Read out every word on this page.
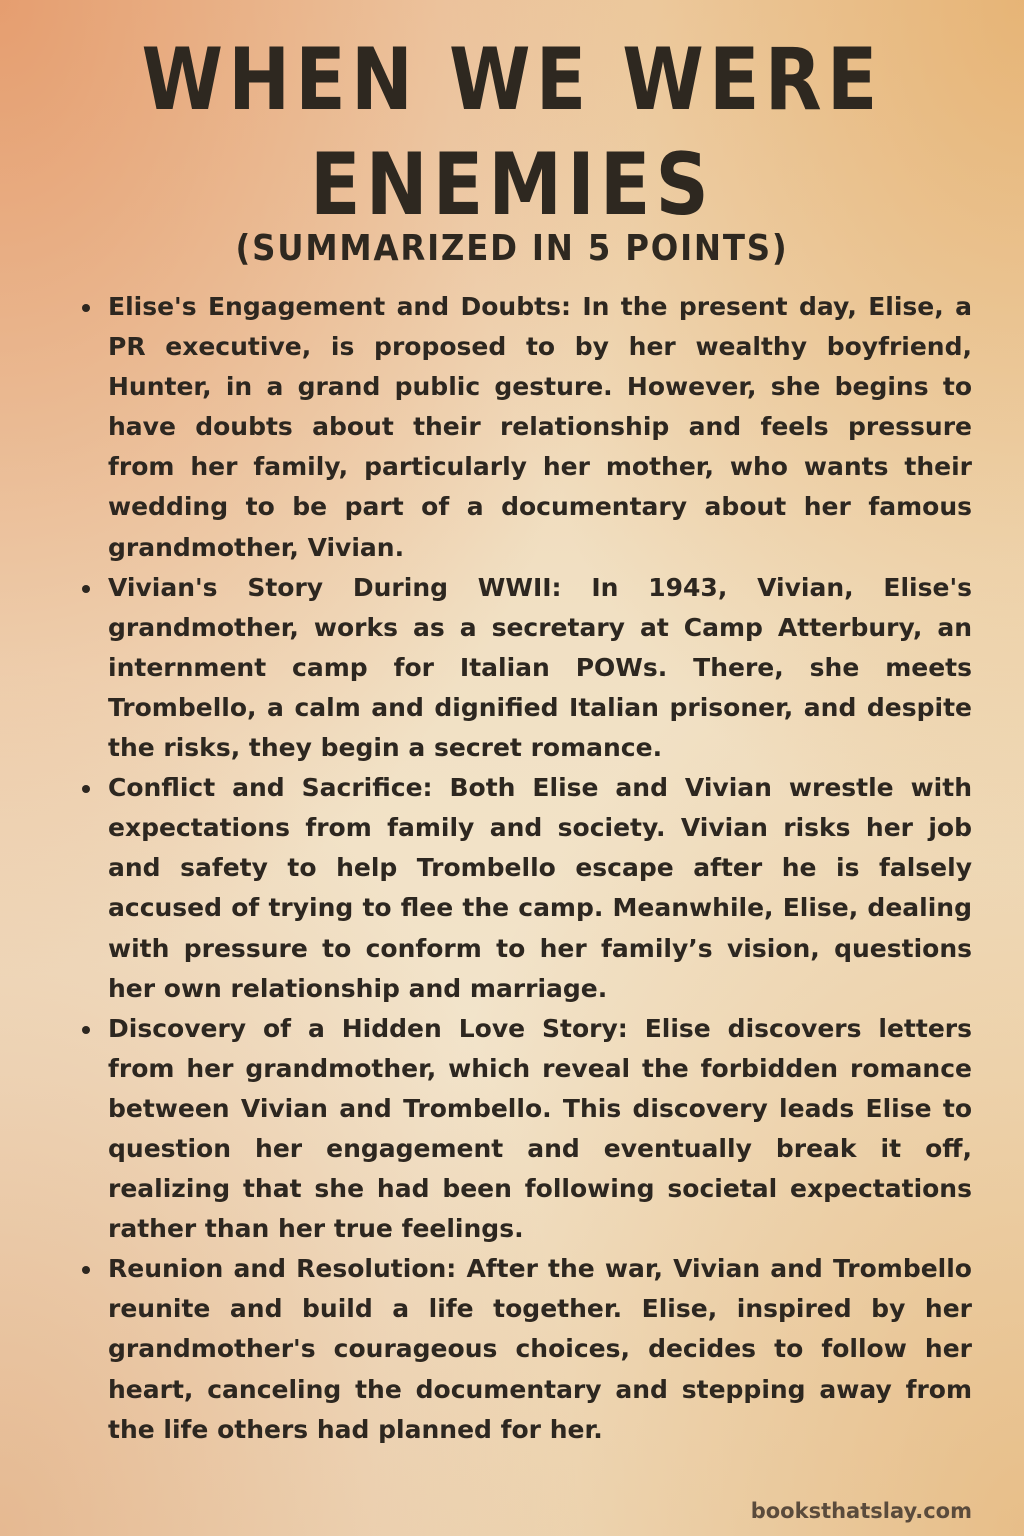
WHEN WE WERE
ENEMIES
(SUMMARIZED IN 5 POINTS)
Elise's Engagement and Doubts: In the present day, Elise, a PR executive, is proposed to by her wealthy boyfriend, Hunter, in a grand public gesture. However, she begins to have doubts about their relationship and feels pressure from her family, particularly her mother, who wants their wedding to be part of a documentary about her famous grandmother, Vivian.
Vivian's Story During WWII: In 1943, Vivian, Elise's grandmother, works as a secretary at Camp Atterbury, an internment camp for Italian POWs. There, she meets Trombello, a calm and dignified Italian prisoner, and despite the risks, they begin a secret romance.
Conflict and Sacrifice: Both Elise and Vivian wrestle with expectations from family and society. Vivian risks her job and safety to help Trombello escape after he is falsely accused of trying to flee the camp. Meanwhile, Elise, dealing with pressure to conform to her family’s vision, questions her own relationship and marriage.
Discovery of a Hidden Love Story: Elise discovers letters from her grandmother, which reveal the forbidden romance between Vivian and Trombello. This discovery leads Elise to question her engagement and eventually break it off, realizing that she had been following societal expectations rather than her true feelings.
Reunion and Resolution: After the war, Vivian and Trombello reunite and build a life together. Elise, inspired by her grandmother's courageous choices, decides to follow her heart, canceling the documentary and stepping away from the life others had planned for her.
booksthatslay.com
